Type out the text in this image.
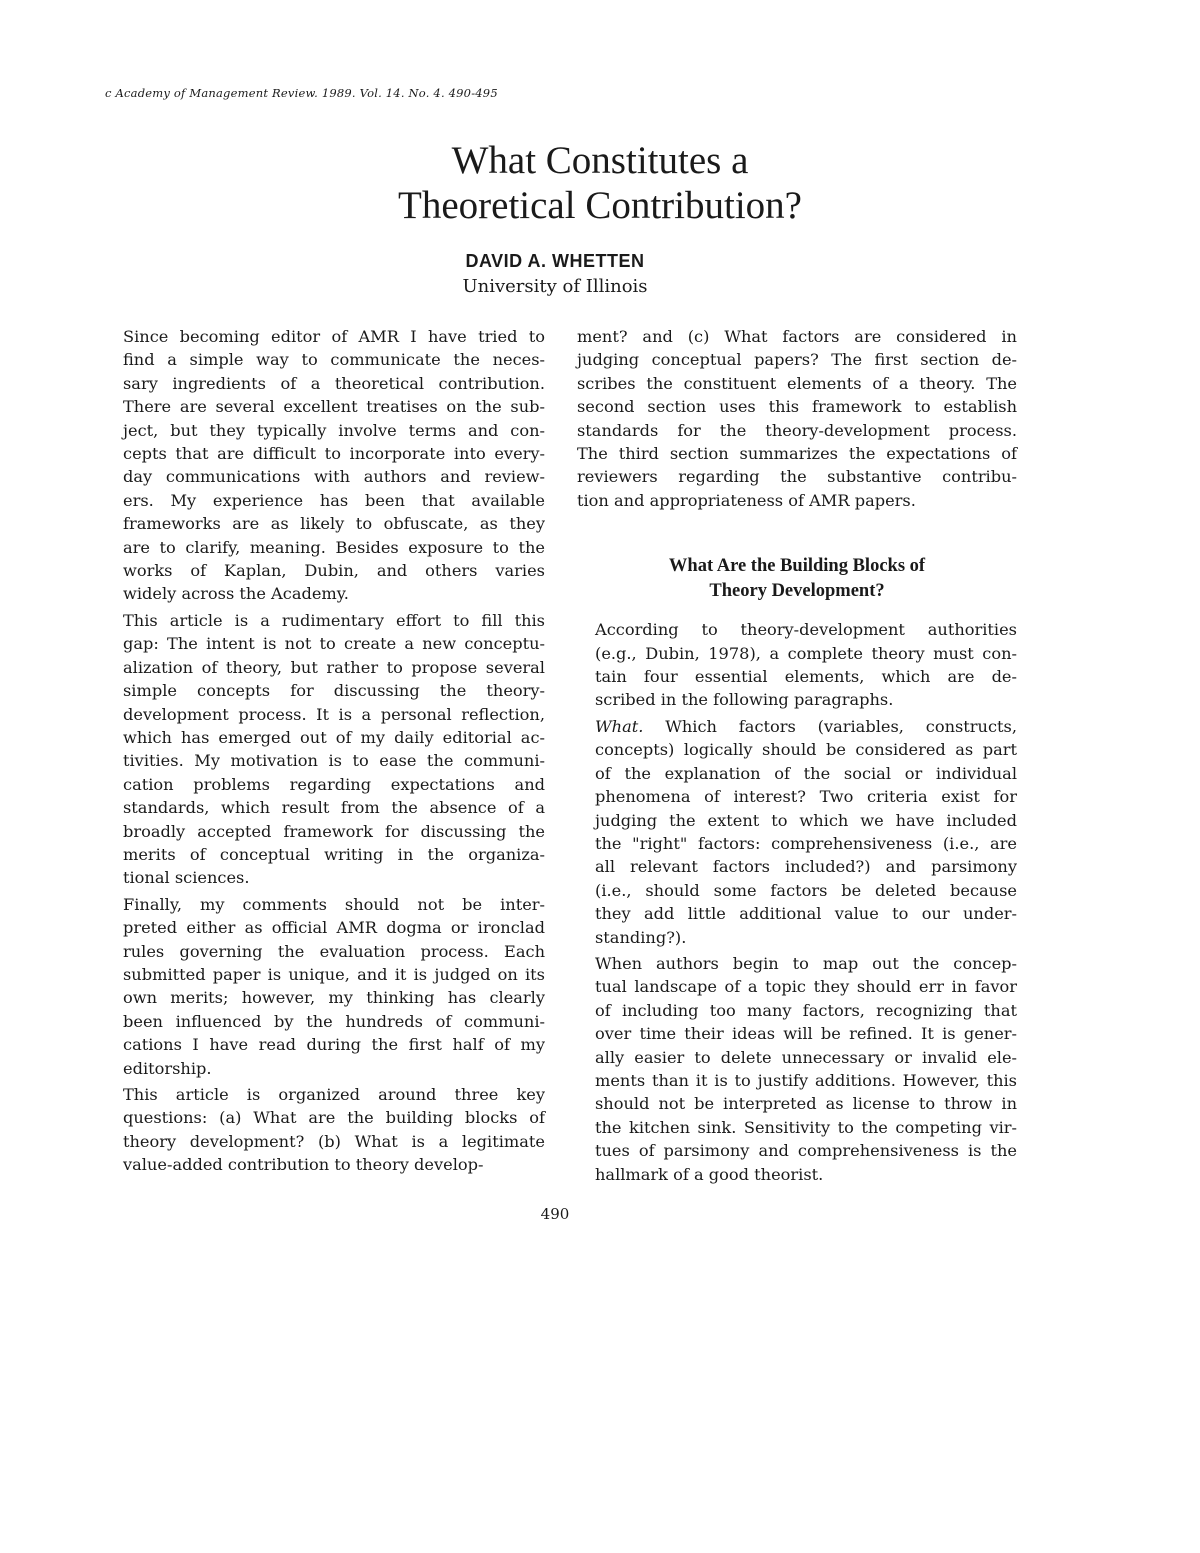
c Academy of Management Review. 1989. Vol. 14. No. 4. 490-495
What Constitutes a
Theoretical Contribution?
DAVID A. WHETTEN
University of Illinois

Since becoming editor of AMR I have tried to
find a simple way to communicate the neces-
sary ingredients of a theoretical contribution.
There are several excellent treatises on the sub-
ject, but they typically involve terms and con-
cepts that are difficult to incorporate into every-
day communications with authors and review-
ers. My experience has been that available
frameworks are as likely to obfuscate, as they
are to clarify, meaning. Besides exposure to the
works of Kaplan, Dubin, and others varies
widely across the Academy.

This article is a rudimentary effort to fill this
gap: The intent is not to create a new conceptu-
alization of theory, but rather to propose several
simple concepts for discussing the theory-
development process. It is a personal reflection,
which has emerged out of my daily editorial ac-
tivities. My motivation is to ease the communi-
cation problems regarding expectations and
standards, which result from the absence of a
broadly accepted framework for discussing the
merits of conceptual writing in the organiza-
tional sciences.

Finally, my comments should not be inter-
preted either as official AMR dogma or ironclad
rules governing the evaluation process. Each
submitted paper is unique, and it is judged on its
own merits; however, my thinking has clearly
been influenced by the hundreds of communi-
cations I have read during the first half of my
editorship.

This article is organized around three key
questions: (a) What are the building blocks of
theory development? (b) What is a legitimate
value-added contribution to theory develop-

ment? and (c) What factors are considered in
judging conceptual papers? The first section de-
scribes the constituent elements of a theory. The
second section uses this framework to establish
standards for the theory-development process.
The third section summarizes the expectations of
reviewers regarding the substantive contribu-
tion and appropriateness of AMR papers.

What Are the Building Blocks of
Theory Development?

According to theory-development authorities
(e.g., Dubin, 1978), a complete theory must con-
tain four essential elements, which are de-
scribed in the following paragraphs.

What. Which factors (variables, constructs,
concepts) logically should be considered as part
of the explanation of the social or individual
phenomena of interest? Two criteria exist for
judging the extent to which we have included
the "right" factors: comprehensiveness (i.e., are
all relevant factors included?) and parsimony
(i.e., should some factors be deleted because
they add little additional value to our under-
standing?).

When authors begin to map out the concep-
tual landscape of a topic they should err in favor
of including too many factors, recognizing that
over time their ideas will be refined. It is gener-
ally easier to delete unnecessary or invalid ele-
ments than it is to justify additions. However, this
should not be interpreted as license to throw in
the kitchen sink. Sensitivity to the competing vir-
tues of parsimony and comprehensiveness is the
hallmark of a good theorist.

490
